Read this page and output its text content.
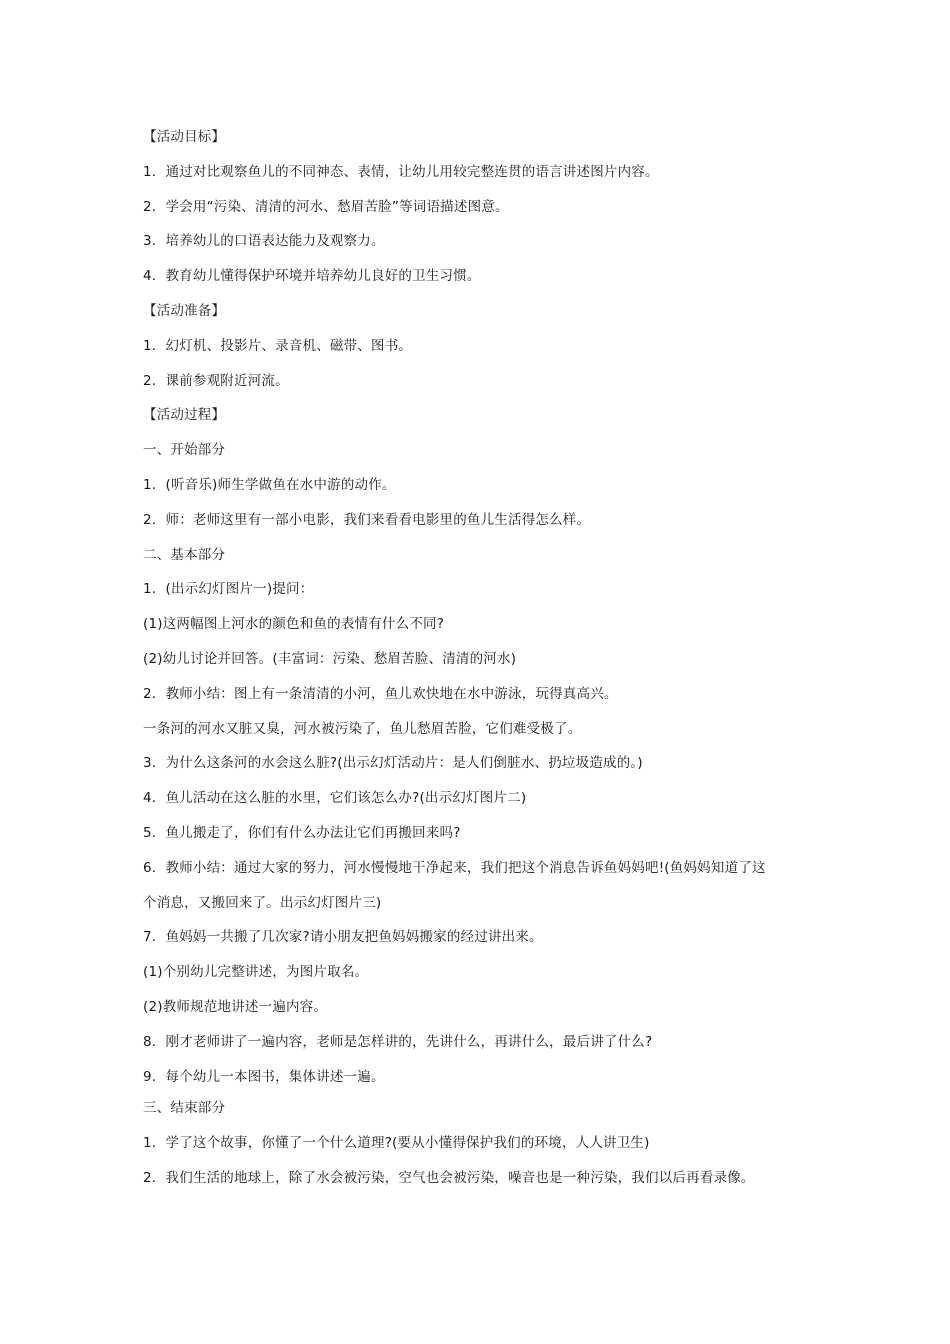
【活动目标】
1．通过对比观察鱼儿的不同神态、表情，让幼儿用较完整连贯的语言讲述图片内容。
2．学会用“污染、清清的河水、愁眉苦脸”等词语描述图意。
3．培养幼儿的口语表达能力及观察力。
4．教育幼儿懂得保护环境并培养幼儿良好的卫生习惯。
【活动准备】
1．幻灯机、投影片、录音机、磁带、图书。
2．课前参观附近河流。
【活动过程】
一、开始部分
1．(听音乐)师生学做鱼在水中游的动作。
2．师：老师这里有一部小电影，我们来看看电影里的鱼儿生活得怎么样。
二、基本部分
1．(出示幻灯图片一)提问：
(1)这两幅图上河水的颜色和鱼的表情有什么不同?
(2)幼儿讨论并回答。(丰富词：污染、愁眉苦脸、清清的河水)
2．教师小结：图上有一条清清的小河，鱼儿欢快地在水中游泳，玩得真高兴。
一条河的河水又脏又臭，河水被污染了，鱼儿愁眉苦脸，它们难受极了。
3．为什么这条河的水会这么脏?(出示幻灯活动片：是人们倒脏水、扔垃圾造成的。)
4．鱼儿活动在这么脏的水里，它们该怎么办?(出示幻灯图片二)
5．鱼儿搬走了，你们有什么办法让它们再搬回来吗?
6．教师小结：通过大家的努力，河水慢慢地干净起来，我们把这个消息告诉鱼妈妈吧!(鱼妈妈知道了这
个消息，又搬回来了。出示幻灯图片三)
7．鱼妈妈一共搬了几次家?请小朋友把鱼妈妈搬家的经过讲出来。
(1)个别幼儿完整讲述，为图片取名。
(2)教师规范地讲述一遍内容。
8．刚才老师讲了一遍内容，老师是怎样讲的，先讲什么，再讲什么，最后讲了什么?
9．每个幼儿一本图书，集体讲述一遍。
三、结束部分
1．学了这个故事，你懂了一个什么道理?(要从小懂得保护我们的环境，人人讲卫生)
2．我们生活的地球上，除了水会被污染，空气也会被污染，噪音也是一种污染，我们以后再看录像。
